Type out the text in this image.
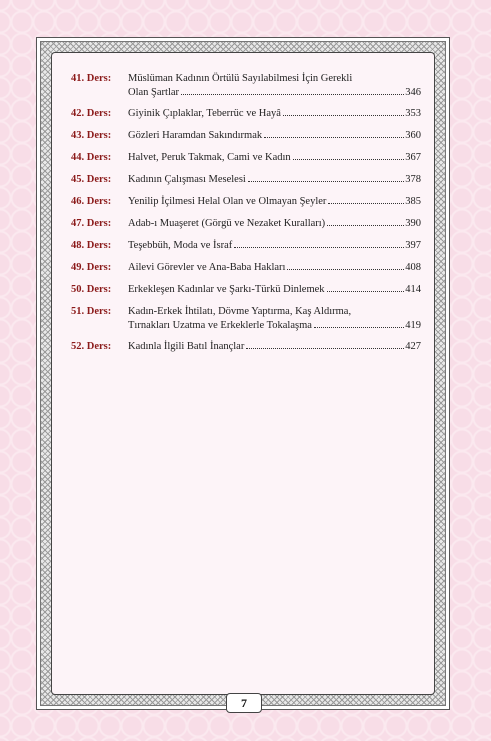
41. Ders:	Müslüman Kadının Örtülü Sayılabilmesi İçin Gerekli
Olan Şartlar	346
42. Ders:	Giyinik Çıplaklar, Teberrüc ve Hayâ	353
43. Ders:	Gözleri Haramdan Sakındırmak	360
44. Ders:	Halvet, Peruk Takmak, Cami ve Kadın	367
45. Ders:	Kadının Çalışması Meselesi	378
46. Ders:	Yenilip İçilmesi Helal Olan ve Olmayan Şeyler	385
47. Ders:	Adab-ı Muaşeret (Görgü ve Nezaket Kuralları)	390
48. Ders:	Teşebbüh, Moda ve İsraf	397
49. Ders:	Ailevi Görevler ve Ana-Baba Hakları	408
50. Ders:	Erkekleşen Kadınlar ve Şarkı-Türkü Dinlemek	414
51. Ders:	Kadın-Erkek İhtilatı, Dövme Yaptırma, Kaş Aldırma,
Tırnakları Uzatma ve Erkeklerle Tokalaşma	419
52. Ders:	Kadınla İlgili Batıl İnançlar	427
7
